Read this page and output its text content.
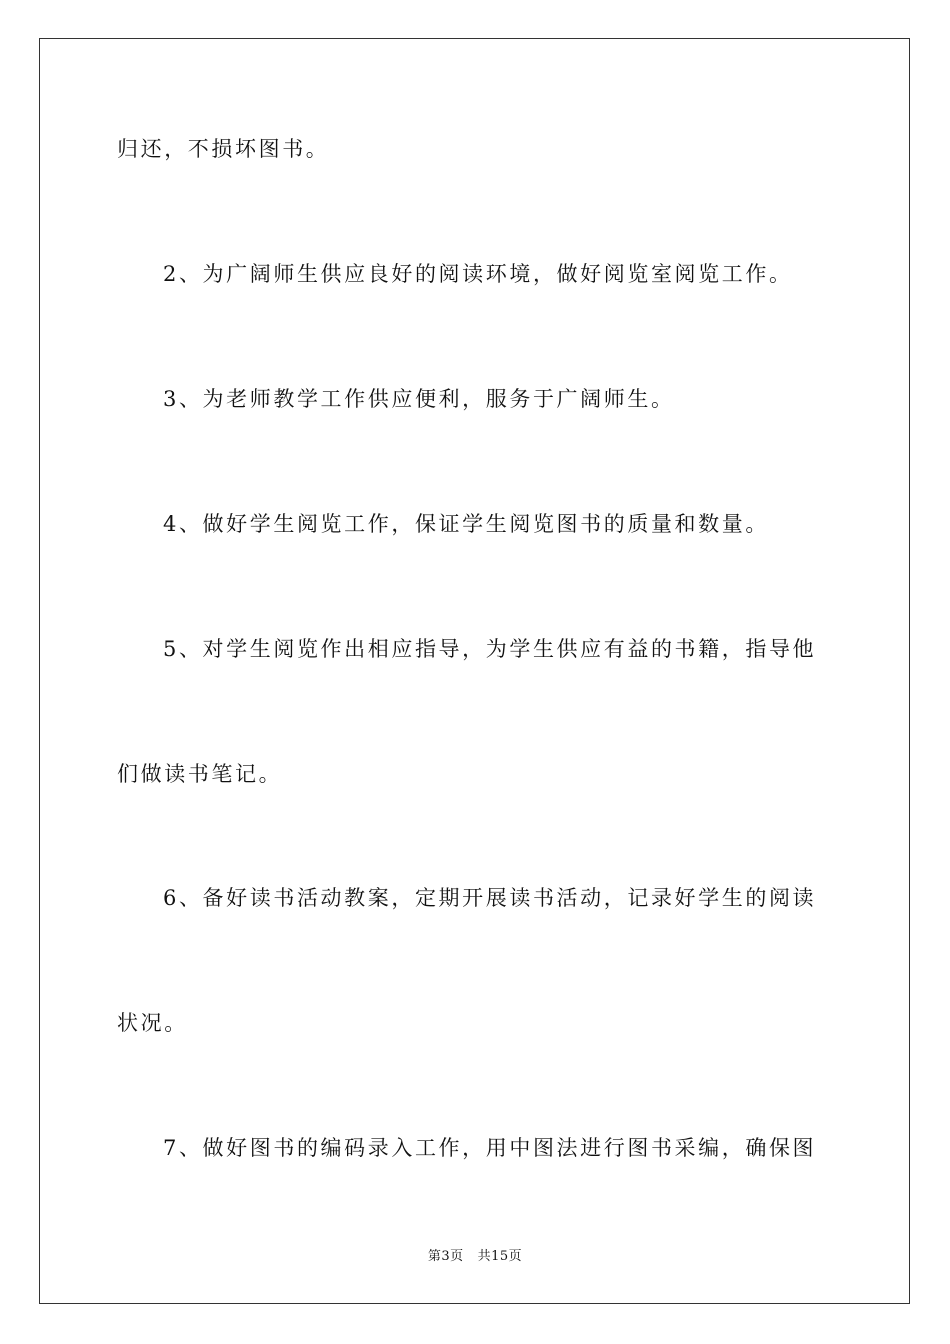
归还，不损坏图书。
2、为广阔师生供应良好的阅读环境，做好阅览室阅览工作。
3、为老师教学工作供应便利，服务于广阔师生。
4、做好学生阅览工作，保证学生阅览图书的质量和数量。
5、对学生阅览作出相应指导，为学生供应有益的书籍，指导他
们做读书笔记。
6、备好读书活动教案，定期开展读书活动，记录好学生的阅读
状况。
7、做好图书的编码录入工作，用中图法进行图书采编，确保图
第3页 共15页
